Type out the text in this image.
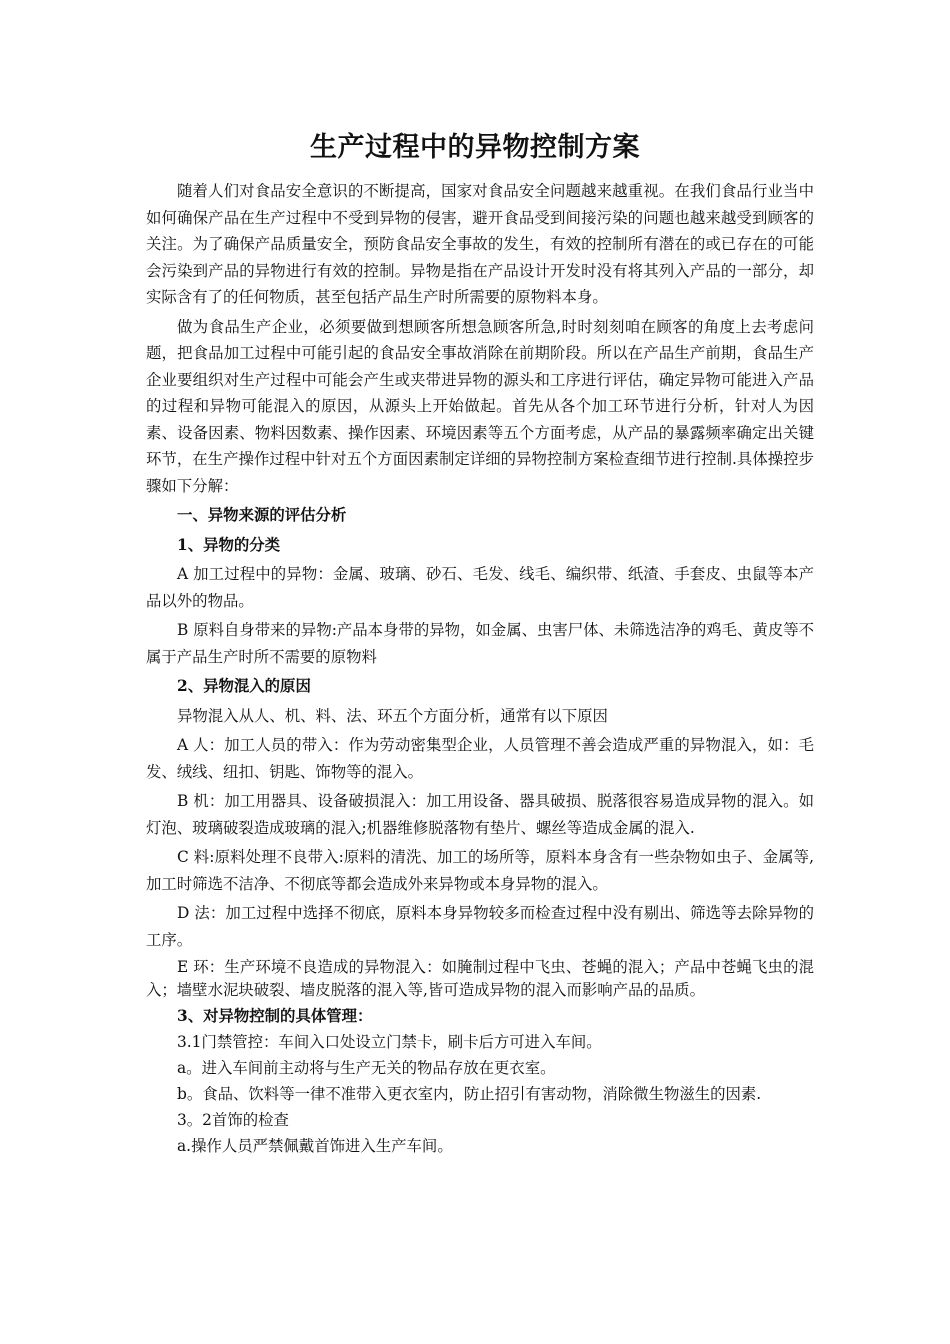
生产过程中的异物控制方案

随着人们对食品安全意识的不断提高，国家对食品安全问题越来越重视。在我们食品行业当中如何确保产品在生产过程中不受到异物的侵害，避开食品受到间接污染的问题也越来越受到顾客的关注。为了确保产品质量安全，预防食品安全事故的发生，有效的控制所有潜在的或已存在的可能会污染到产品的异物进行有效的控制。异物是指在产品设计开发时没有将其列入产品的一部分，却实际含有了的任何物质，甚至包括产品生产时所需要的原物料本身。

做为食品生产企业，必须要做到想顾客所想急顾客所急,时时刻刻咱在顾客的角度上去考虑问题，把食品加工过程中可能引起的食品安全事故消除在前期阶段。所以在产品生产前期，食品生产企业要组织对生产过程中可能会产生或夹带进异物的源头和工序进行评估，确定异物可能进入产品的过程和异物可能混入的原因，从源头上开始做起。首先从各个加工环节进行分析，针对人为因素、设备因素、物料因数素、操作因素、环境因素等五个方面考虑，从产品的暴露频率确定出关键环节，在生产操作过程中针对五个方面因素制定详细的异物控制方案检查细节进行控制.具体操控步骤如下分解：

一、异物来源的评估分析

1、异物的分类

A 加工过程中的异物：金属、玻璃、砂石、毛发、线毛、编织带、纸渣、手套皮、虫鼠等本产品以外的物品。

B 原料自身带来的异物:产品本身带的异物，如金属、虫害尸体、未筛选洁净的鸡毛、黄皮等不属于产品生产时所不需要的原物料

2、异物混入的原因

异物混入从人、机、料、法、环五个方面分析，通常有以下原因

A 人：加工人员的带入：作为劳动密集型企业，人员管理不善会造成严重的异物混入，如：毛发、绒线、纽扣、钥匙、饰物等的混入。

B 机：加工用器具、设备破损混入：加工用设备、器具破损、脱落很容易造成异物的混入。如灯泡、玻璃破裂造成玻璃的混入;机器维修脱落物有垫片、螺丝等造成金属的混入.

C 料:原料处理不良带入:原料的清洗、加工的场所等，原料本身含有一些杂物如虫子、金属等,加工时筛选不洁净、不彻底等都会造成外来异物或本身异物的混入。

D 法：加工过程中选择不彻底，原料本身异物较多而检查过程中没有剔出、筛选等去除异物的工序。

E 环：生产环境不良造成的异物混入：如腌制过程中飞虫、苍蝇的混入；产品中苍蝇飞虫的混入；墙壁水泥块破裂、墙皮脱落的混入等,皆可造成异物的混入而影响产品的品质。

3、对异物控制的具体管理：

3.1门禁管控：车间入口处设立门禁卡，刷卡后方可进入车间。

a。进入车间前主动将与生产无关的物品存放在更衣室。

b。食品、饮料等一律不准带入更衣室内，防止招引有害动物，消除微生物滋生的因素.

3。2首饰的检查

a.操作人员严禁佩戴首饰进入生产车间。
